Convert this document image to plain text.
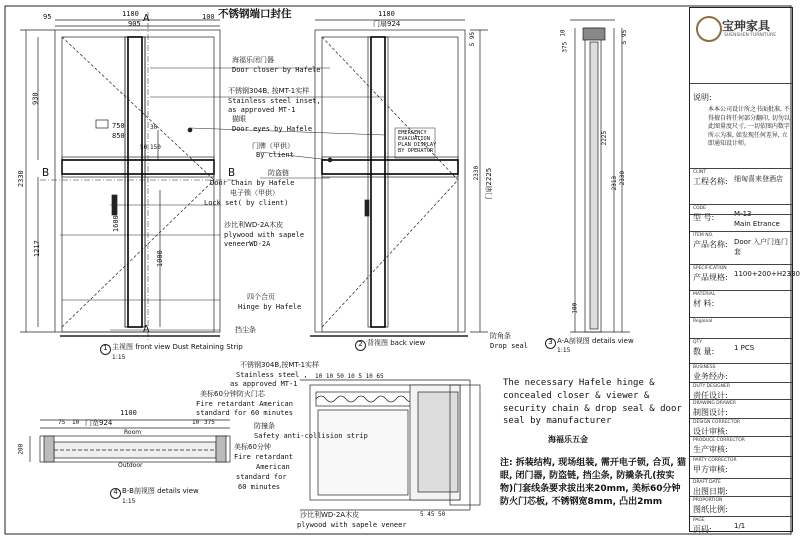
不锈钢端口封住
1100
95
905
100
A
A
2330
930
1217
750
850
30
50 150
1000
1600
B	B
1 主视图 front view Dust Retaining Strip
1:15
海福乐闭门器
Door closer by Hafele
不锈钢304B, 按MT-1实样
Stainless steel inset,
as approved MT-1
猫眼
Door eyes by Hafele
门牌（甲供）
By client
防盗链
Door Chain by Hafele
电子锁（甲供）
Lock set( by client)
沙比利WD-2A木皮
plywood with sapele
veneerWD-2A
四个合页
Hinge by Hafele
挡尘条
1100
门扇924
5 95
2330 门扇2225
EMERGENCY
EVACUATION
PLAN DISPLAY
BY OPERATOR
2 背视图 back view
防角条
Drop seal
10
375
5 95
2225
2313 2330
100
3 A-A剖视图 details view
1:15
1100
75 10 门宽924	10 375
Room
Outdoor
200
4 B-B剖视图 details view
1:15
不锈钢304B,按MT-1实样
Stainless steel ,
as approved MT-1
美标60分钟防火门芯
Fire retardant American
standard for 60 minutes
防撞条
Safety anti-collision strip
美标60分钟
Fire retardant
American
standard for
60 minutes
沙比利WD-2A木皮
plywood with sapele veneer
10 10 50 10 5 10 65
5 45 50
The necessary Hafele hinge & concealed closer & viewer & security chain & drop seal & door seal by manufacturer
海福乐五金
注: 拆装结构, 现场组装, 需开电子锁, 合页, 猫眼, 闭门器, 防盗链, 挡尘条, 防撬条孔(按实物)门套线条要求拔出来20mm, 美标60分钟防火门芯板, 不锈钢宽8mm, 凸出2mm
宝珅家具
SHENSHEN FURNITURE
说明:
本本公司设计所之书面批准, 不得擅自将任何部分翻印, 切勿以此图量度尺寸, 一切依图内数字所示为准, 如发现任何差异, 立即通知设计师。
CLINT
工程名称: 细匈喜来登酒店
CODE
型 号:	M-13
Main Etrance
ITEM NO.
产品名称: Door 入户门连门套
SPECIFICATION
产品规格: 1100+200+H2330
MATERIAL
材 料:
Regional
QTY
数 量:	1 PCS
BUSINESS
业务经办:
DUTY DESIGNER
责任设计:
DRAWING DRAWER
制图设计:
DESIGN CORRECTOR
设计审核:
PRODUCE CORRECTOR
生产审核:
PARTY CORRECTOR
甲方审核:
DRAFT DATE
出图日期:
PROPORTION
图纸比例:
PAGE
页码:	1/1
